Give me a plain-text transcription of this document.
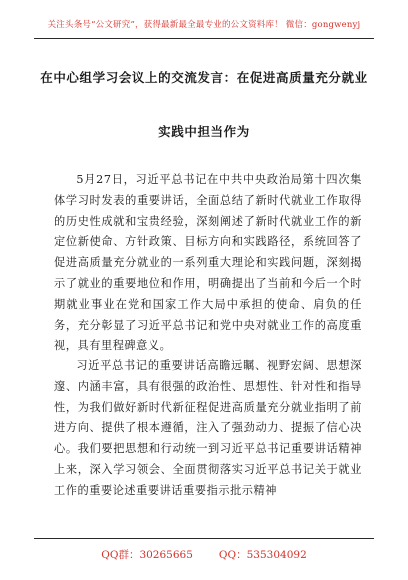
关注头条号“公文研究”，获得最新最全最专业的公文资料库！ 微信：gongwenyj
在中心组学习会议上的交流发言：在促进高质量充分就业
实践中担当作为

5月27日，习近平总书记在中共中央政治局第十四次集体学习时发表的重要讲话，全面总结了新时代就业工作取得的历史性成就和宝贵经验，深刻阐述了新时代就业工作的新定位新使命、方针政策、目标方向和实践路径，系统回答了促进高质量充分就业的一系列重大理论和实践问题，深刻揭示了就业的重要地位和作用，明确提出了当前和今后一个时期就业事业在党和国家工作大局中承担的使命、肩负的任务，充分彰显了习近平总书记和党中央对就业工作的高度重视，具有里程碑意义。

习近平总书记的重要讲话高瞻远瞩、视野宏阔、思想深邃、内涵丰富，具有很强的政治性、思想性、针对性和指导性，为我们做好新时代新征程促进高质量充分就业指明了前进方向、提供了根本遵循，注入了强劲动力、提振了信心决心。我们要把思想和行动统一到习近平总书记重要讲话精神上来，深入学习领会、全面贯彻落实习近平总书记关于就业工作的重要论述重要讲话重要指示批示精神

QQ群：30265665 QQ：535304092
